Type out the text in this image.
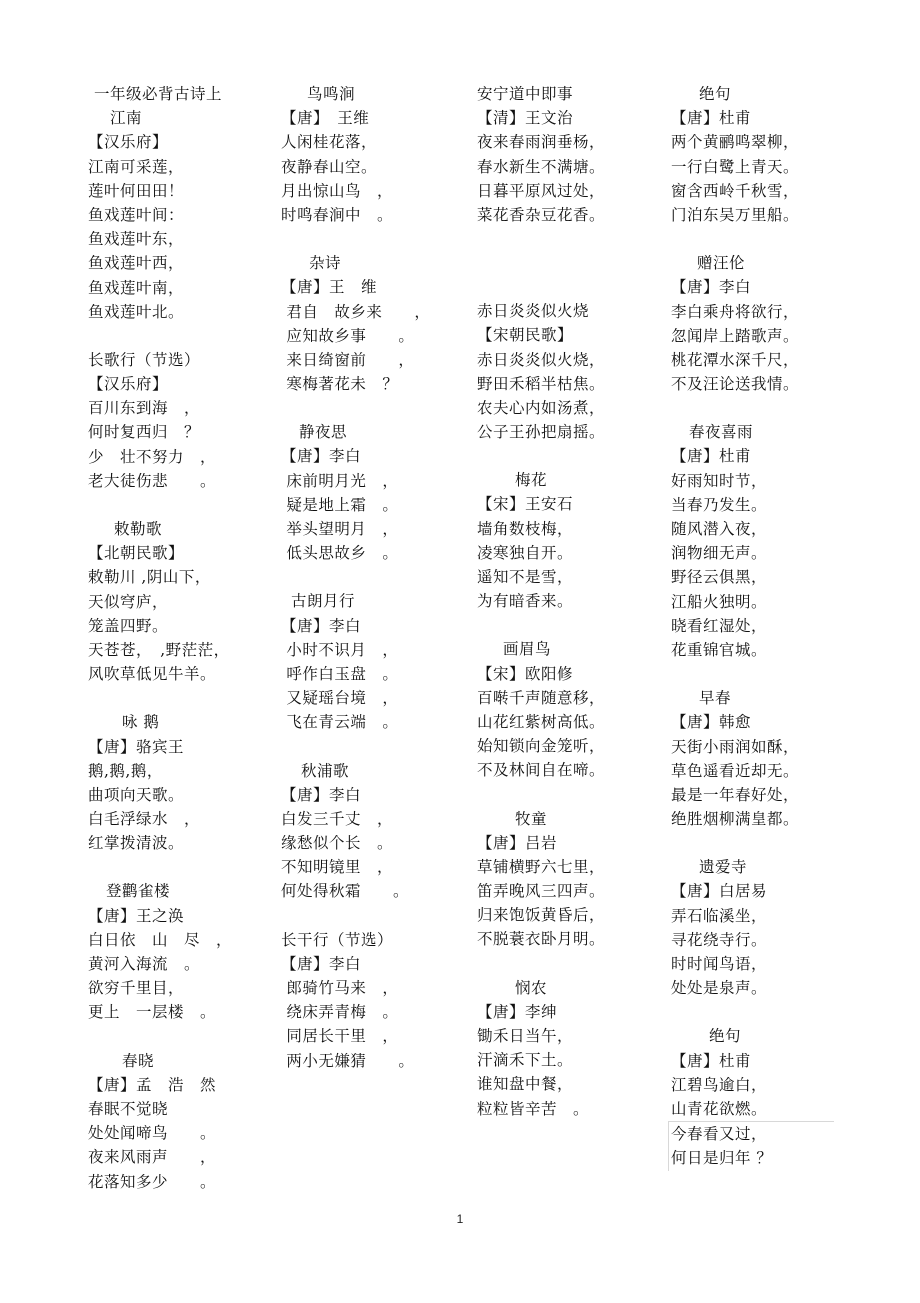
一年级必背古诗上
江南
【汉乐府】
江南可采莲，
莲叶何田田！
鱼戏莲叶间：
鱼戏莲叶东，
鱼戏莲叶西，
鱼戏莲叶南，
鱼戏莲叶北。
长歌行（节选）
【汉乐府】
百川东到海　，
何时复西归　？
少　壮不努力　，
老大徒伤悲　　。
敕勒歌
【北朝民歌】
敕勒川 ,阴山下，
天似穹庐，
笼盖四野。
天苍苍，　,野茫茫，
风吹草低见牛羊。
咏 鹅
【唐】骆宾王
鹅,鹅,鹅，
曲项向天歌。
白毛浮绿水　，
红掌拨清波。
登鹳雀楼
【唐】王之涣
白日依　山　尽　，
黄河入海流　。
欲穷千里目，
更上　一层楼　。
春晓
【唐】孟　浩　然
春眠不觉晓
处处闻啼鸟　　。
夜来风雨声　　，
花落知多少　　。
鸟鸣涧
【唐】　王维
人闲桂花落，
夜静春山空。
月出惊山鸟　，
时鸣春涧中　。
杂诗
【唐】王　维
君自　故乡来　　，
应知故乡事　　。
来日绮窗前　　，
寒梅著花未　？
静夜思
【唐】李白
床前明月光　，
疑是地上霜　。
举头望明月　，
低头思故乡　。
古朗月行
【唐】李白
小时不识月　，
呼作白玉盘　。
又疑瑶台境　，
飞在青云端　。
秋浦歌
【唐】李白
白发三千丈　，
缘愁似个长　。
不知明镜里　，
何处得秋霜　　。
长干行（节选）
【唐】李白
郎骑竹马来　，
绕床弄青梅　。
同居长干里　，
两小无嫌猜　　。
安宁道中即事
【清】王文治
夜来春雨润垂杨，
春水新生不满塘。
日暮平原风过处，
菜花香杂豆花香。
赤日炎炎似火烧
【宋朝民歌】
赤日炎炎似火烧，
野田禾稻半枯焦。
农夫心内如汤煮，
公子王孙把扇摇。
梅花
【宋】王安石
墙角数枝梅，
凌寒独自开。
遥知不是雪，
为有暗香来。
画眉鸟
【宋】欧阳修
百啭千声随意移，
山花红紫树高低。
始知锁向金笼听，
不及林间自在啼。
牧童
【唐】吕岩
草铺横野六七里，
笛弄晚风三四声。
归来饱饭黄昏后，
不脱蓑衣卧月明。
悯农
【唐】李绅
锄禾日当午，
汗滴禾下土。
谁知盘中餐，
粒粒皆辛苦　。
绝句
【唐】杜甫
两个黄鹂鸣翠柳，
一行白鹭上青天。
窗含西岭千秋雪，
门泊东吴万里船。
赠汪伦
【唐】李白
李白乘舟将欲行，
忽闻岸上踏歌声。
桃花潭水深千尺，
不及汪论送我情。
春夜喜雨
【唐】杜甫
好雨知时节，
当春乃发生。
随风潜入夜，
润物细无声。
野径云俱黑，
江船火独明。
晓看红湿处，
花重锦官城。
早春
【唐】韩愈
天街小雨润如酥，
草色遥看近却无。
最是一年春好处，
绝胜烟柳满皇都。
遗爱寺
【唐】白居易
弄石临溪坐，
寻花绕寺行。
时时闻鸟语，
处处是泉声。
绝句
【唐】杜甫
江碧鸟逾白，
山青花欲燃。
今春看又过，
何日是归年 ？
1
